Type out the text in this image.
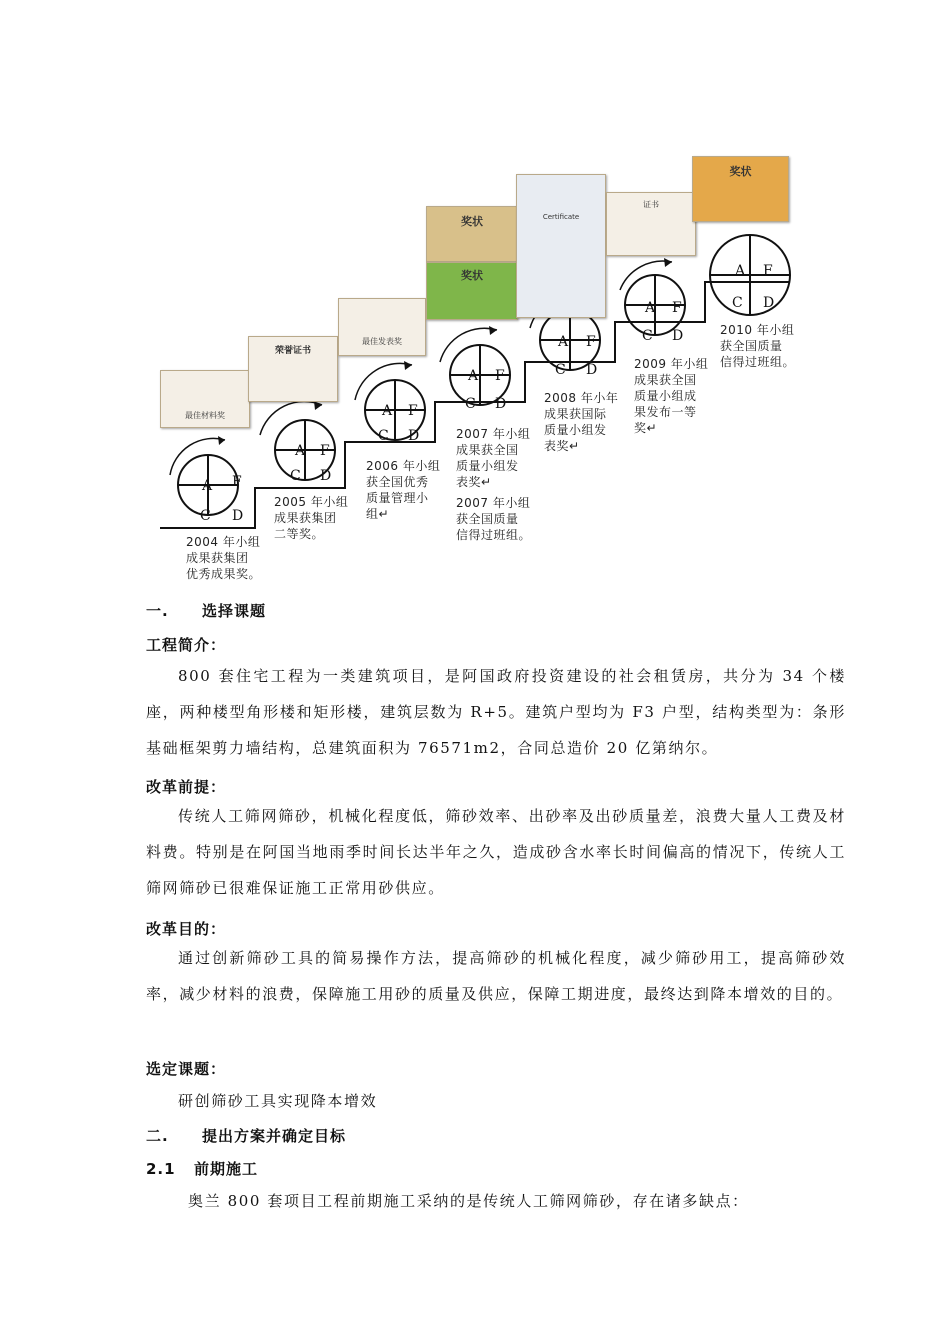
A F
C D
A F
C D
A F
C D
A F
C D
A F
C D
A F
C D
A F
C D
最佳材料奖
荣誉证书
最佳发表奖
奖状
奖状
Certificate
证书
奖状
2004 年小组
成果获集团
优秀成果奖。
2005 年小组
成果获集团
二等奖。
2006 年小组
获全国优秀
质量管理小
组↵
2007 年小组
成果获全国
质量小组发
表奖↵
2007 年小组
获全国质量
信得过班组。
2008 年小年
成果获国际
质量小组发
表奖↵
2009 年小组
成果获全国
质量小组成
果发布一等
奖↵
2010 年小组
获全国质量
信得过班组。
一. 选择课题
工程简介：
800 套住宅工程为一类建筑项目，是阿国政府投资建设的社会租赁房，共分为 34 个楼座，两种楼型角形楼和矩形楼，建筑层数为 R+5。建筑户型均为 F3 户型，结构类型为：条形基础框架剪力墙结构，总建筑面积为 76571m2，合同总造价 20 亿第纳尔。
改革前提：
传统人工筛网筛砂，机械化程度低，筛砂效率、出砂率及出砂质量差，浪费大量人工费及材料费。特别是在阿国当地雨季时间长达半年之久，造成砂含水率长时间偏高的情况下，传统人工筛网筛砂已很难保证施工正常用砂供应。
改革目的：
通过创新筛砂工具的简易操作方法，提高筛砂的机械化程度，减少筛砂用工，提高筛砂效率，减少材料的浪费，保障施工用砂的质量及供应，保障工期进度，最终达到降本增效的目的。
选定课题：
研创筛砂工具实现降本增效
二. 提出方案并确定目标
2.1 前期施工
奥兰 800 套项目工程前期施工采纳的是传统人工筛网筛砂，存在诸多缺点：
